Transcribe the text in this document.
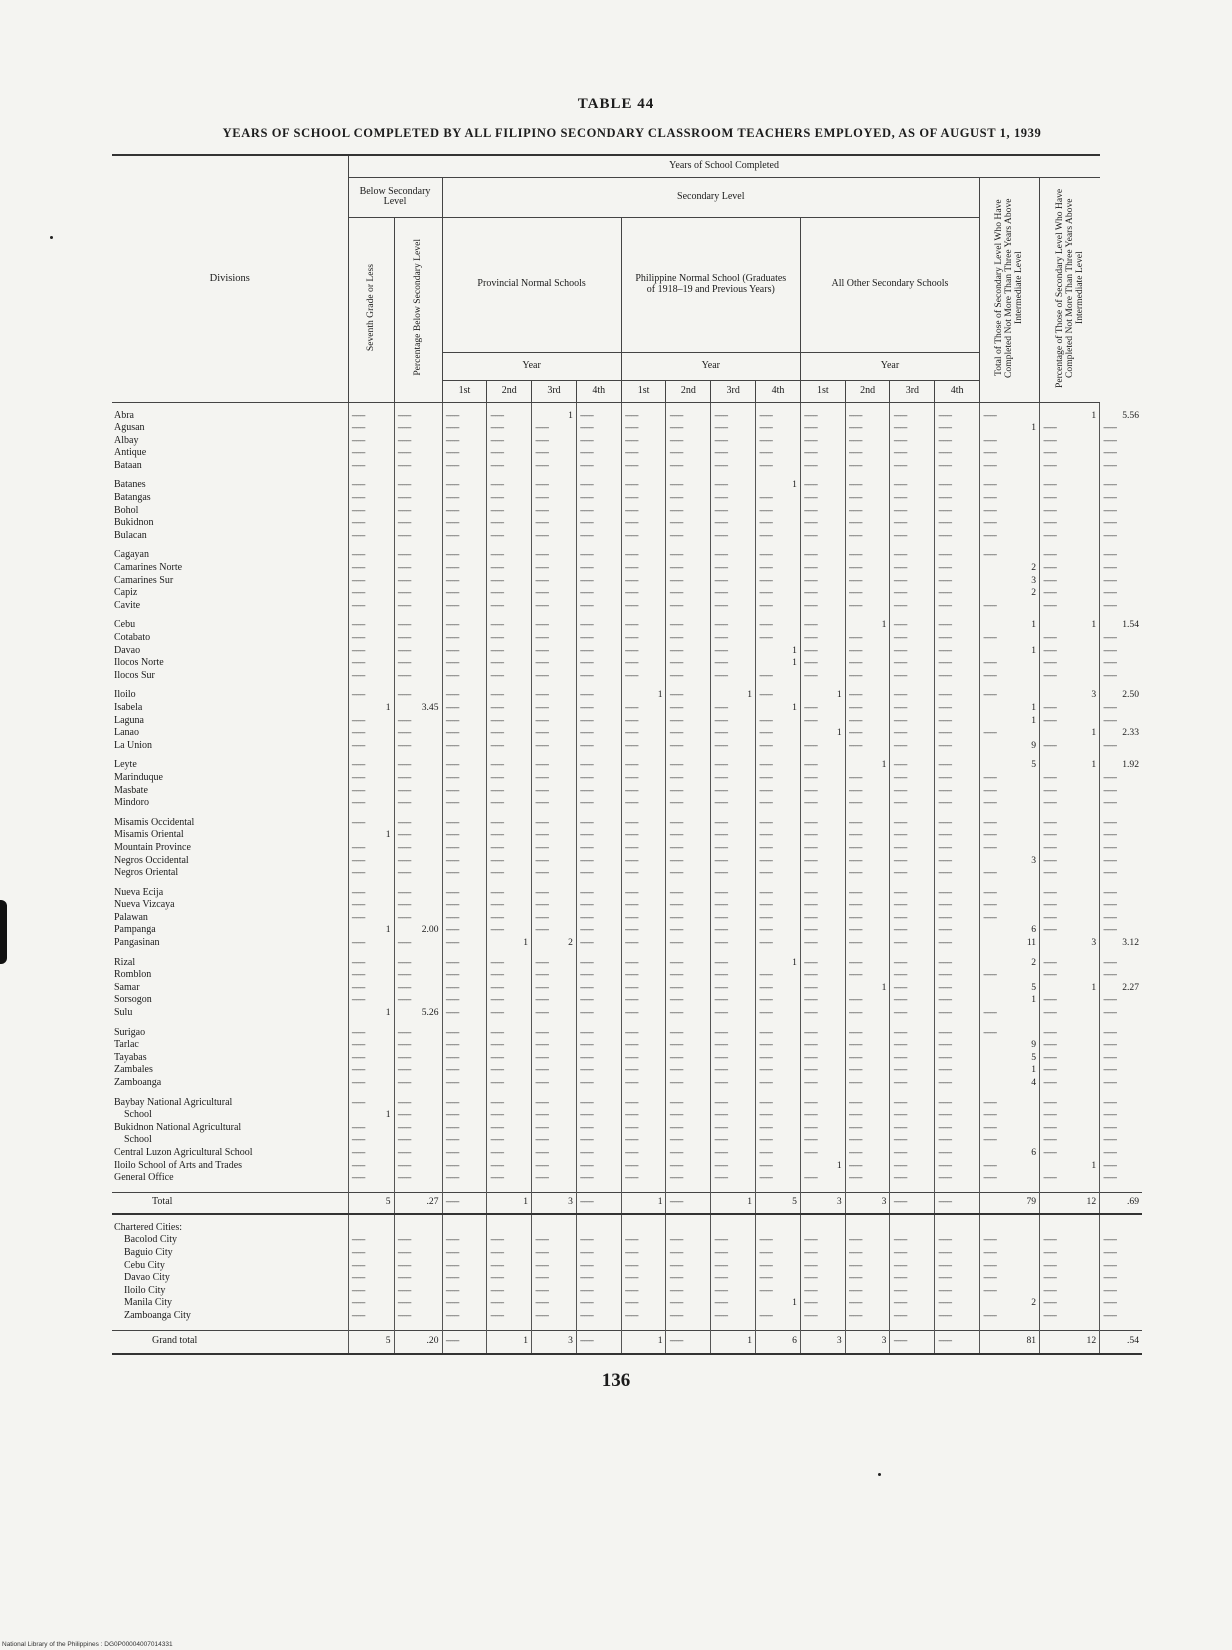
TABLE 44
YEARS OF SCHOOL COMPLETED BY ALL FILIPINO SECONDARY CLASSROOM TEACHERS EMPLOYED, AS OF AUGUST 1, 1939
Divisions	Years of School Completed																
	Below Secondary Level		Secondary Level												Total of Those of Secondary Level Who Have Completed Not More Than Three Years Above Intermediate Level	Percentage of Those of Secondary Level Who Have Completed Not More Than Three Years Above Intermediate Level	
	Seventh Grade or Less	Percentage Below Secondary Level	Provincial Normal Schools				Philippine Normal School (Graduates of 1918–19 and Previous Years)				All Other Secondary Schools						
			Year				Year				Year						
			1st	2nd	3rd	4th	1st	2nd	3rd	4th	1st	2nd	3rd	4th			

Abra	------	------	------	------	1	------	------	------	------	------	------	------	------	------	------	1	5.56
Agusan	------	------	------	------	------	------	------	------	------	------	------	------	------	------	1	------	------
Albay	------	------	------	------	------	------	------	------	------	------	------	------	------	------	------	------	------
Antique	------	------	------	------	------	------	------	------	------	------	------	------	------	------	------	------	------
Bataan	------	------	------	------	------	------	------	------	------	------	------	------	------	------	------	------	------

Batanes	------	------	------	------	------	------	------	------	------	1	------	------	------	------	------	------	------
Batangas	------	------	------	------	------	------	------	------	------	------	------	------	------	------	------	------	------
Bohol	------	------	------	------	------	------	------	------	------	------	------	------	------	------	------	------	------
Bukidnon	------	------	------	------	------	------	------	------	------	------	------	------	------	------	------	------	------
Bulacan	------	------	------	------	------	------	------	------	------	------	------	------	------	------	------	------	------

Cagayan	------	------	------	------	------	------	------	------	------	------	------	------	------	------	------	------	------
Camarines Norte	------	------	------	------	------	------	------	------	------	------	------	------	------	------	2	------	------
Camarines Sur	------	------	------	------	------	------	------	------	------	------	------	------	------	------	3	------	------
Capiz	------	------	------	------	------	------	------	------	------	------	------	------	------	------	2	------	------
Cavite	------	------	------	------	------	------	------	------	------	------	------	------	------	------	------	------	------

Cebu	------	------	------	------	------	------	------	------	------	------	------	1	------	------	1	1	1.54
Cotabato	------	------	------	------	------	------	------	------	------	------	------	------	------	------	------	------	------
Davao	------	------	------	------	------	------	------	------	------	1	------	------	------	------	1	------	------
Ilocos Norte	------	------	------	------	------	------	------	------	------	1	------	------	------	------	------	------	------
Ilocos Sur	------	------	------	------	------	------	------	------	------	------	------	------	------	------	------	------	------

Iloilo	------	------	------	------	------	------	1	------	1	------	1	------	------	------	------	3	2.50
Isabela	1	3.45	------	------	------	------	------	------	------	1	------	------	------	------	1	------	------
Laguna	------	------	------	------	------	------	------	------	------	------	------	------	------	------	1	------	------
Lanao	------	------	------	------	------	------	------	------	------	------	1	------	------	------	------	1	2.33
La Union	------	------	------	------	------	------	------	------	------	------	------	------	------	------	9	------	------

Leyte	------	------	------	------	------	------	------	------	------	------	------	1	------	------	5	1	1.92
Marinduque	------	------	------	------	------	------	------	------	------	------	------	------	------	------	------	------	------
Masbate	------	------	------	------	------	------	------	------	------	------	------	------	------	------	------	------	------
Mindoro	------	------	------	------	------	------	------	------	------	------	------	------	------	------	------	------	------

Misamis Occidental	------	------	------	------	------	------	------	------	------	------	------	------	------	------	------	------	------
Misamis Oriental	1	------	------	------	------	------	------	------	------	------	------	------	------	------	------	------	------
Mountain Province	------	------	------	------	------	------	------	------	------	------	------	------	------	------	------	------	------
Negros Occidental	------	------	------	------	------	------	------	------	------	------	------	------	------	------	3	------	------
Negros Oriental	------	------	------	------	------	------	------	------	------	------	------	------	------	------	------	------	------

Nueva Ecija	------	------	------	------	------	------	------	------	------	------	------	------	------	------	------	------	------
Nueva Vizcaya	------	------	------	------	------	------	------	------	------	------	------	------	------	------	------	------	------
Palawan	------	------	------	------	------	------	------	------	------	------	------	------	------	------	------	------	------
Pampanga	1	2.00	------	------	------	------	------	------	------	------	------	------	------	------	6	------	------
Pangasinan	------	------	------	1	2	------	------	------	------	------	------	------	------	------	11	3	3.12

Rizal	------	------	------	------	------	------	------	------	------	1	------	------	------	------	2	------	------
Romblon	------	------	------	------	------	------	------	------	------	------	------	------	------	------	------	------	------
Samar	------	------	------	------	------	------	------	------	------	------	------	1	------	------	5	1	2.27
Sorsogon	------	------	------	------	------	------	------	------	------	------	------	------	------	------	1	------	------
Sulu	1	5.26	------	------	------	------	------	------	------	------	------	------	------	------	------	------	------

Surigao	------	------	------	------	------	------	------	------	------	------	------	------	------	------	------	------	------
Tarlac	------	------	------	------	------	------	------	------	------	------	------	------	------	------	9	------	------
Tayabas	------	------	------	------	------	------	------	------	------	------	------	------	------	------	5	------	------
Zambales	------	------	------	------	------	------	------	------	------	------	------	------	------	------	1	------	------
Zamboanga	------	------	------	------	------	------	------	------	------	------	------	------	------	------	4	------	------

Baybay National Agricultural	------	------	------	------	------	------	------	------	------	------	------	------	------	------	------	------	------
School	1	------	------	------	------	------	------	------	------	------	------	------	------	------	------	------	------
Bukidnon National Agricultural	------	------	------	------	------	------	------	------	------	------	------	------	------	------	------	------	------
School	------	------	------	------	------	------	------	------	------	------	------	------	------	------	------	------	------
Central Luzon Agricultural School	------	------	------	------	------	------	------	------	------	------	------	------	------	------	6	------	------
Iloilo School of Arts and Trades	------	------	------	------	------	------	------	------	------	------	1	------	------	------	------	1	------
General Office	------	------	------	------	------	------	------	------	------	------	------	------	------	------	------	------	------

Total	5	.27	------	1	3	------	1	------	1	5	3	3	------	------	79	12	.69

Chartered Cities:																	
Bacolod City	------	------	------	------	------	------	------	------	------	------	------	------	------	------	------	------	------
Baguio City	------	------	------	------	------	------	------	------	------	------	------	------	------	------	------	------	------
Cebu City	------	------	------	------	------	------	------	------	------	------	------	------	------	------	------	------	------
Davao City	------	------	------	------	------	------	------	------	------	------	------	------	------	------	------	------	------
Iloilo City	------	------	------	------	------	------	------	------	------	------	------	------	------	------	------	------	------
Manila City	------	------	------	------	------	------	------	------	------	1	------	------	------	------	2	------	------
Zamboanga City	------	------	------	------	------	------	------	------	------	------	------	------	------	------	------	------	------

Grand total	5	.20	------	1	3	------	1	------	1	6	3	3	------	------	81	12	.54
136
National Library of the Philippines : DG0P00004007014331
